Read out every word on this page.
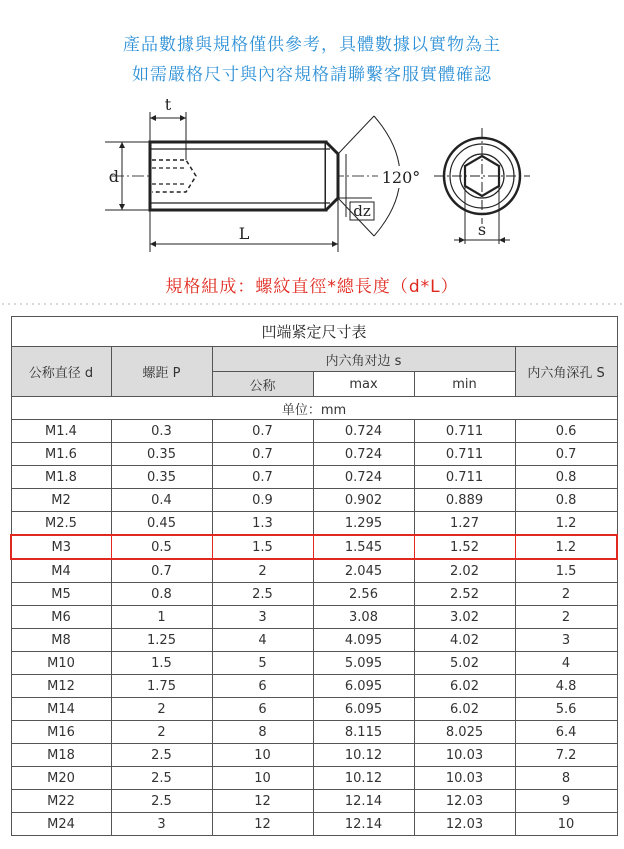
產品數據與規格僅供參考，具體數據以實物為主
如需嚴格尺寸與內容規格請聯繫客服實體確認
t
d
L
dz
120°
s
規格組成：螺紋直徑*總長度（d*L）
凹端紧定尺寸表					
公称直径 d	螺距 P	内六角对边 s			内六角深孔 S
		公称	max	min	
单位：mm					
M1.4	0.3	0.7	0.724	0.711	0.6
M1.6	0.35	0.7	0.724	0.711	0.7
M1.8	0.35	0.7	0.724	0.711	0.8
M2	0.4	0.9	0.902	0.889	0.8
M2.5	0.45	1.3	1.295	1.27	1.2
M3	0.5	1.5	1.545	1.52	1.2
M4	0.7	2	2.045	2.02	1.5
M5	0.8	2.5	2.56	2.52	2
M6	1	3	3.08	3.02	2
M8	1.25	4	4.095	4.02	3
M10	1.5	5	5.095	5.02	4
M12	1.75	6	6.095	6.02	4.8
M14	2	6	6.095	6.02	5.6
M16	2	8	8.115	8.025	6.4
M18	2.5	10	10.12	10.03	7.2
M20	2.5	10	10.12	10.03	8
M22	2.5	12	12.14	12.03	9
M24	3	12	12.14	12.03	10
